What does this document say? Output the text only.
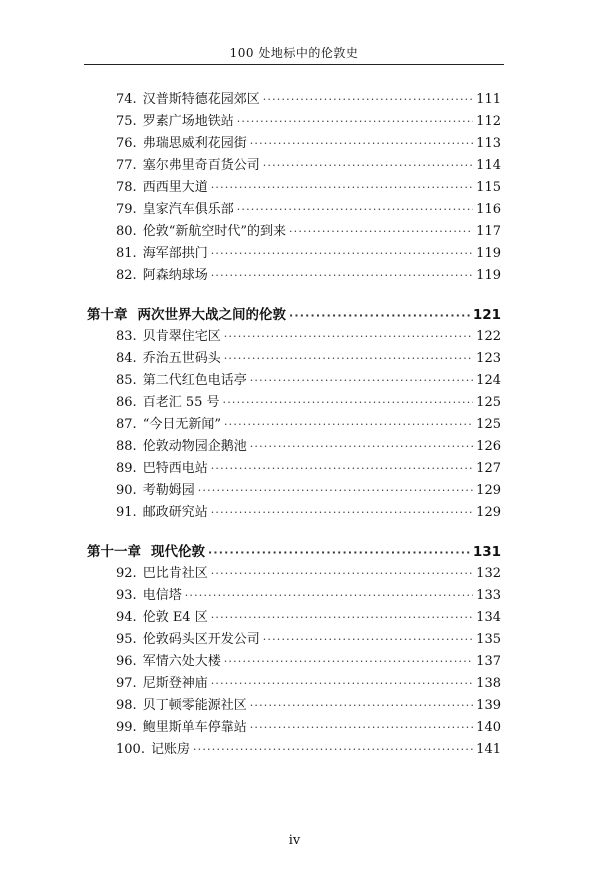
100 处地标中的伦敦史
74. 汉普斯特德花园郊区 ·····	111
75. 罗素广场地铁站 ·····	112
76. 弗瑞思威利花园街 ·····	113
77. 塞尔弗里奇百货公司 ·····	114
78. 西西里大道 ·····	115
79. 皇家汽车俱乐部 ·····	116
80. 伦敦“新航空时代”的到来 ·····	117
81. 海军部拱门 ·····	119
82. 阿森纳球场 ·····	119
第十章 两次世界大战之间的伦敦 ·····	121
83. 贝肯翠住宅区 ·····	122
84. 乔治五世码头 ·····	123
85. 第二代红色电话亭 ·····	124
86. 百老汇 55 号 ·····	125
87. “今日无新闻” ·····	125
88. 伦敦动物园企鹅池 ·····	126
89. 巴特西电站 ·····	127
90. 考勒姆园 ·····	129
91. 邮政研究站 ·····	129
第十一章 现代伦敦 ·····	131
92. 巴比肯社区 ·····	132
93. 电信塔 ·····	133
94. 伦敦 E4 区 ·····	134
95. 伦敦码头区开发公司 ·····	135
96. 军情六处大楼 ·····	137
97. 尼斯登神庙 ·····	138
98. 贝丁顿零能源社区 ·····	139
99. 鲍里斯单车停靠站 ·····	140
100. 记账房 ·····	141
iv
